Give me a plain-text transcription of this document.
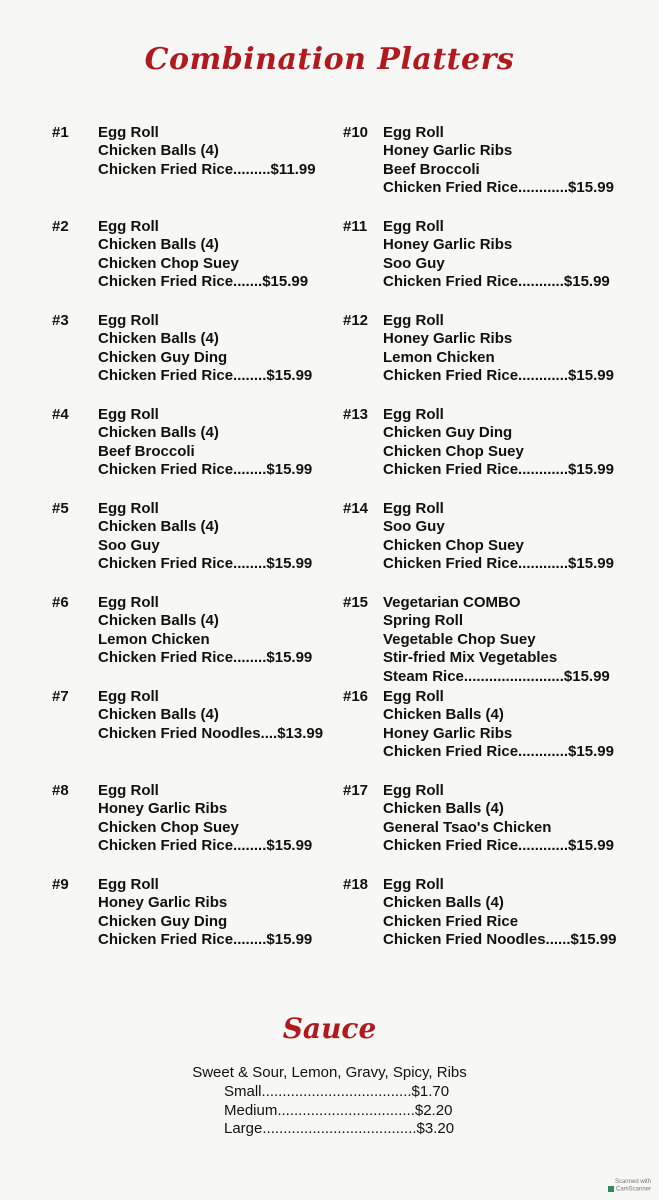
Combination Platters
#1 Egg Roll
Chicken Balls (4)
Chicken Fried Rice.........$11.99
#2 Egg Roll
Chicken Balls (4)
Chicken Chop Suey
Chicken Fried Rice.......$15.99
#3 Egg Roll
Chicken Balls (4)
Chicken Guy Ding
Chicken Fried Rice........$15.99
#4 Egg Roll
Chicken Balls (4)
Beef Broccoli
Chicken Fried Rice........$15.99
#5 Egg Roll
Chicken Balls (4)
Soo Guy
Chicken Fried Rice........$15.99
#6 Egg Roll
Chicken Balls (4)
Lemon Chicken
Chicken Fried Rice........$15.99
#7 Egg Roll
Chicken Balls (4)
Chicken Fried Noodles....$13.99
#8 Egg Roll
Honey Garlic Ribs
Chicken Chop Suey
Chicken Fried Rice........$15.99
#9 Egg Roll
Honey Garlic Ribs
Chicken Guy Ding
Chicken Fried Rice........$15.99
#10 Egg Roll
Honey Garlic Ribs
Beef Broccoli
Chicken Fried Rice............$15.99
#11 Egg Roll
Honey Garlic Ribs
Soo Guy
Chicken Fried Rice...........$15.99
#12 Egg Roll
Honey Garlic Ribs
Lemon Chicken
Chicken Fried Rice............$15.99
#13 Egg Roll
Chicken Guy Ding
Chicken Chop Suey
Chicken Fried Rice............$15.99
#14 Egg Roll
Soo Guy
Chicken Chop Suey
Chicken Fried Rice............$15.99
#15 Vegetarian COMBO
Spring Roll
Vegetable Chop Suey
Stir-fried Mix Vegetables
Steam Rice........................$15.99
#16 Egg Roll
Chicken Balls (4)
Honey Garlic Ribs
Chicken Fried Rice............$15.99
#17 Egg Roll
Chicken Balls (4)
General Tsao's Chicken
Chicken Fried Rice............$15.99
#18 Egg Roll
Chicken Balls (4)
Chicken Fried Rice
Chicken Fried Noodles......$15.99
Sauce
Sweet & Sour, Lemon, Gravy, Spicy, Ribs
Small....................................$1.70
Medium.................................$2.20
Large.....................................$3.20
Scanned with
CamScanner
